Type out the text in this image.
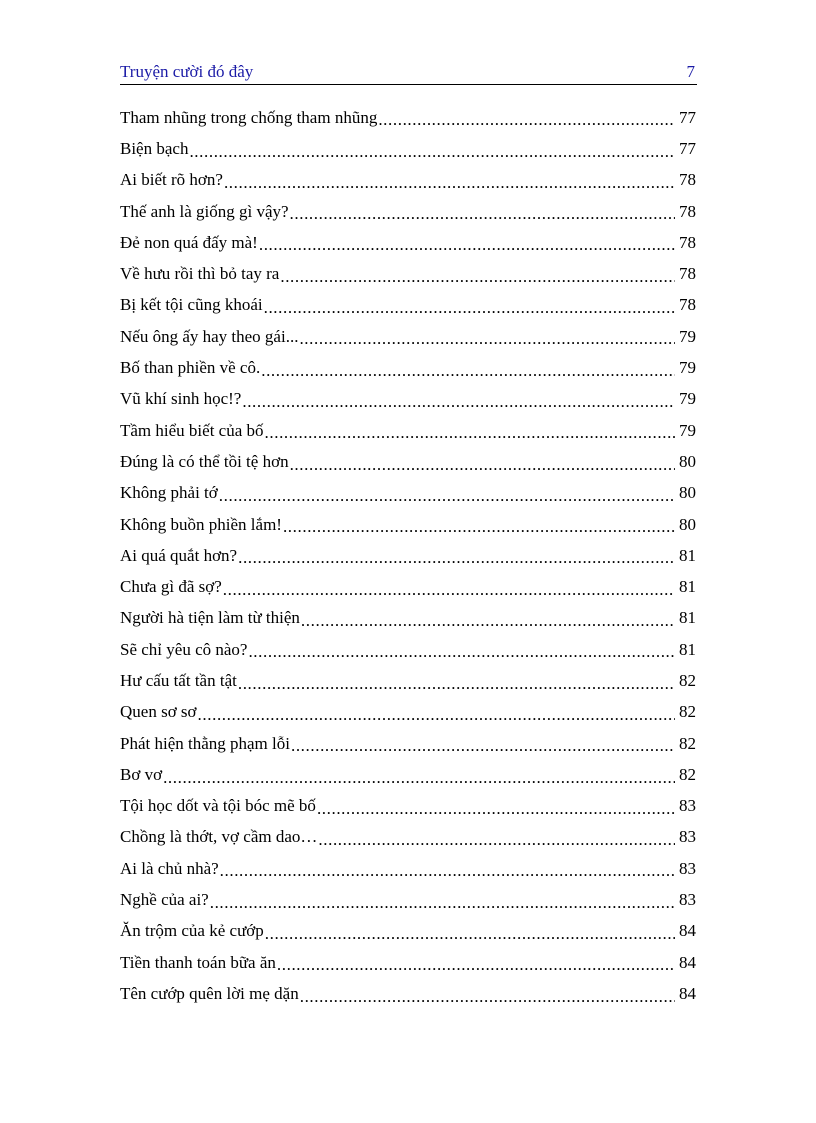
Truyện cười đó đây	7
Tham nhũng trong chống tham nhũng .....	77
Biện bạch .....	77
Ai biết rõ hơn? .....	78
Thế anh là giống gì vậy? .....	78
Đẻ non quá đấy mà! .....	78
Về hưu rồi thì bỏ tay ra .....	78
Bị kết tội cũng khoái .....	78
Nếu ông ấy hay theo gái... .....	79
Bố than phiền về cô. .....	79
Vũ khí sinh học!? .....	79
Tầm hiểu biết của bố .....	79
Đúng là có thể tồi tệ hơn .....	80
Không phải tớ .....	80
Không buồn phiền lắm! .....	80
Ai quá quắt hơn? .....	81
Chưa gì đã sợ? .....	81
Người hà tiện làm từ thiện .....	81
Sẽ chỉ yêu cô nào? .....	81
Hư cấu tất tần tật .....	82
Quen sơ sơ .....	82
Phát hiện thằng phạm lỗi .....	82
Bơ vơ .....	82
Tội học dốt và tội bóc mẽ bố .....	83
Chồng là thớt, vợ cầm dao… .....	83
Ai là chủ nhà? .....	83
Nghề của ai? .....	83
Ăn trộm của kẻ cướp .....	84
Tiền thanh toán bữa ăn .....	84
Tên cướp quên lời mẹ dặn .....	84
